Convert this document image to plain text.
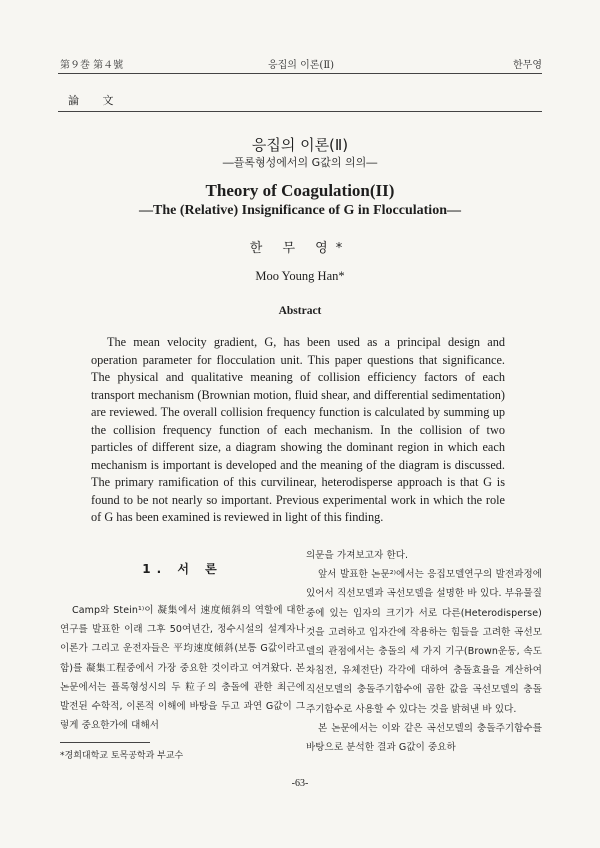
第９巻 第４號	응집의 이론(Ⅱ)	한무영
論 文
응집의 이론(Ⅱ)
―플록형성에서의 G값의 의의―
Theory of Coagulation(II)
―The (Relative) Insignificance of G in Flocculation―
한 무 영*
Moo Young Han*
Abstract

The mean velocity gradient, G, has been used as a principal design and operation parameter for flocculation unit. This paper questions that significance. The physical and qualitative meaning of collision efficiency factors of each transport mechanism (Brownian motion, fluid shear, and differential sedimentation) are reviewed. The overall collision frequency function is calculated by summing up the collision frequency function of each mechanism. In the collision of two particles of different size, a diagram showing the dominant region in which each mechanism is important is developed and the meaning of the diagram is discussed. The primary ramification of this curvilinear, heterodisperse approach is that G is found to be not nearly so important. Previous experimental work in which the role of G has been examined is reviewed in light of this finding.

1. 서 론

Camp와 Stein¹⁾이 凝集에서 速度傾斜의 역할에 대한 연구를 발표한 이래 그후 50여년간, 정수시설의 설계자나 이론가 그리고 운전자들은 平均速度傾斜(보통 G값이라고 함)를 凝集工程중에서 가장 중요한 것이라고 여겨왔다. 본 논문에서는 플록형성시의 두 粒子의 충돌에 관한 최근에 발전된 수학적, 이론적 이해에 바탕을 두고 과연 G값이 그렇게 중요한가에 대해서

의문을 가져보고자 한다.

앞서 발표한 논문²⁾에서는 응집모델연구의 발전과정에 있어서 직선모델과 곡선모델을 설명한 바 있다. 부유물질중에 있는 입자의 크기가 서로 다른(Heterodisperse) 것을 고려하고 입자간에 작용하는 힘들을 고려한 곡선모델의 관점에서는 충돌의 세 가지 기구(Brown운동, 속도차침전, 유체전단) 각각에 대하여 충돌효율을 계산하여 직선모델의 충돌주기함수에 곱한 값을 곡선모델의 충돌주기함수로 사용할 수 있다는 것을 밝혀낸 바 있다.

본 논문에서는 이와 같은 곡선모델의 충돌주기함수를 바탕으로 분석한 결과 G값이 중요하

*경희대학교 토목공학과 부교수
-63-
